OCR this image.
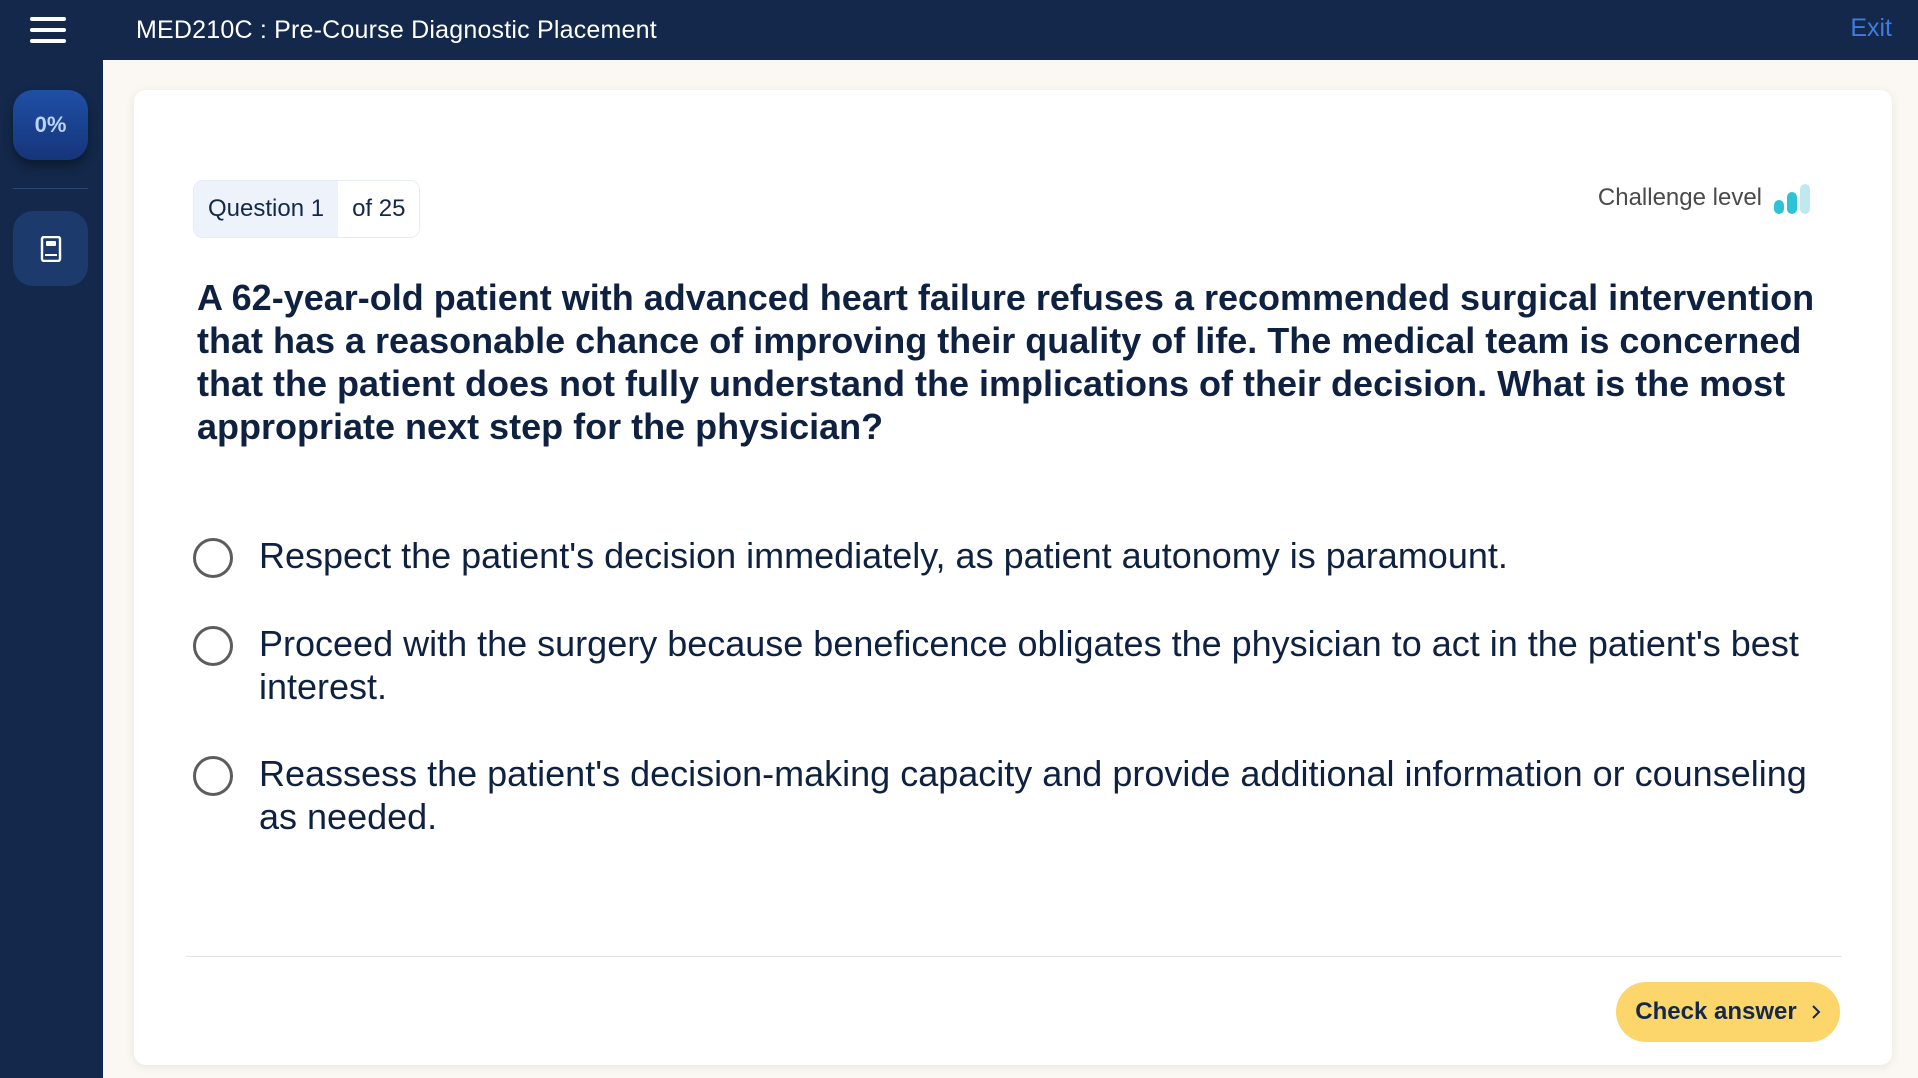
MED210C : Pre-Course Diagnostic Placement	Exit
0%
Question 1	of 25	Challenge level
A 62-year-old patient with advanced heart failure refuses a recommended surgical intervention that has a reasonable chance of improving their quality of life. The medical team is concerned that the patient does not fully understand the implications of their decision. What is the most appropriate next step for the physician?
Respect the patient's decision immediately, as patient autonomy is paramount.
Proceed with the surgery because beneficence obligates the physician to act in the patient's best interest.
Reassess the patient's decision-making capacity and provide additional information or counseling as needed.
Check answer
